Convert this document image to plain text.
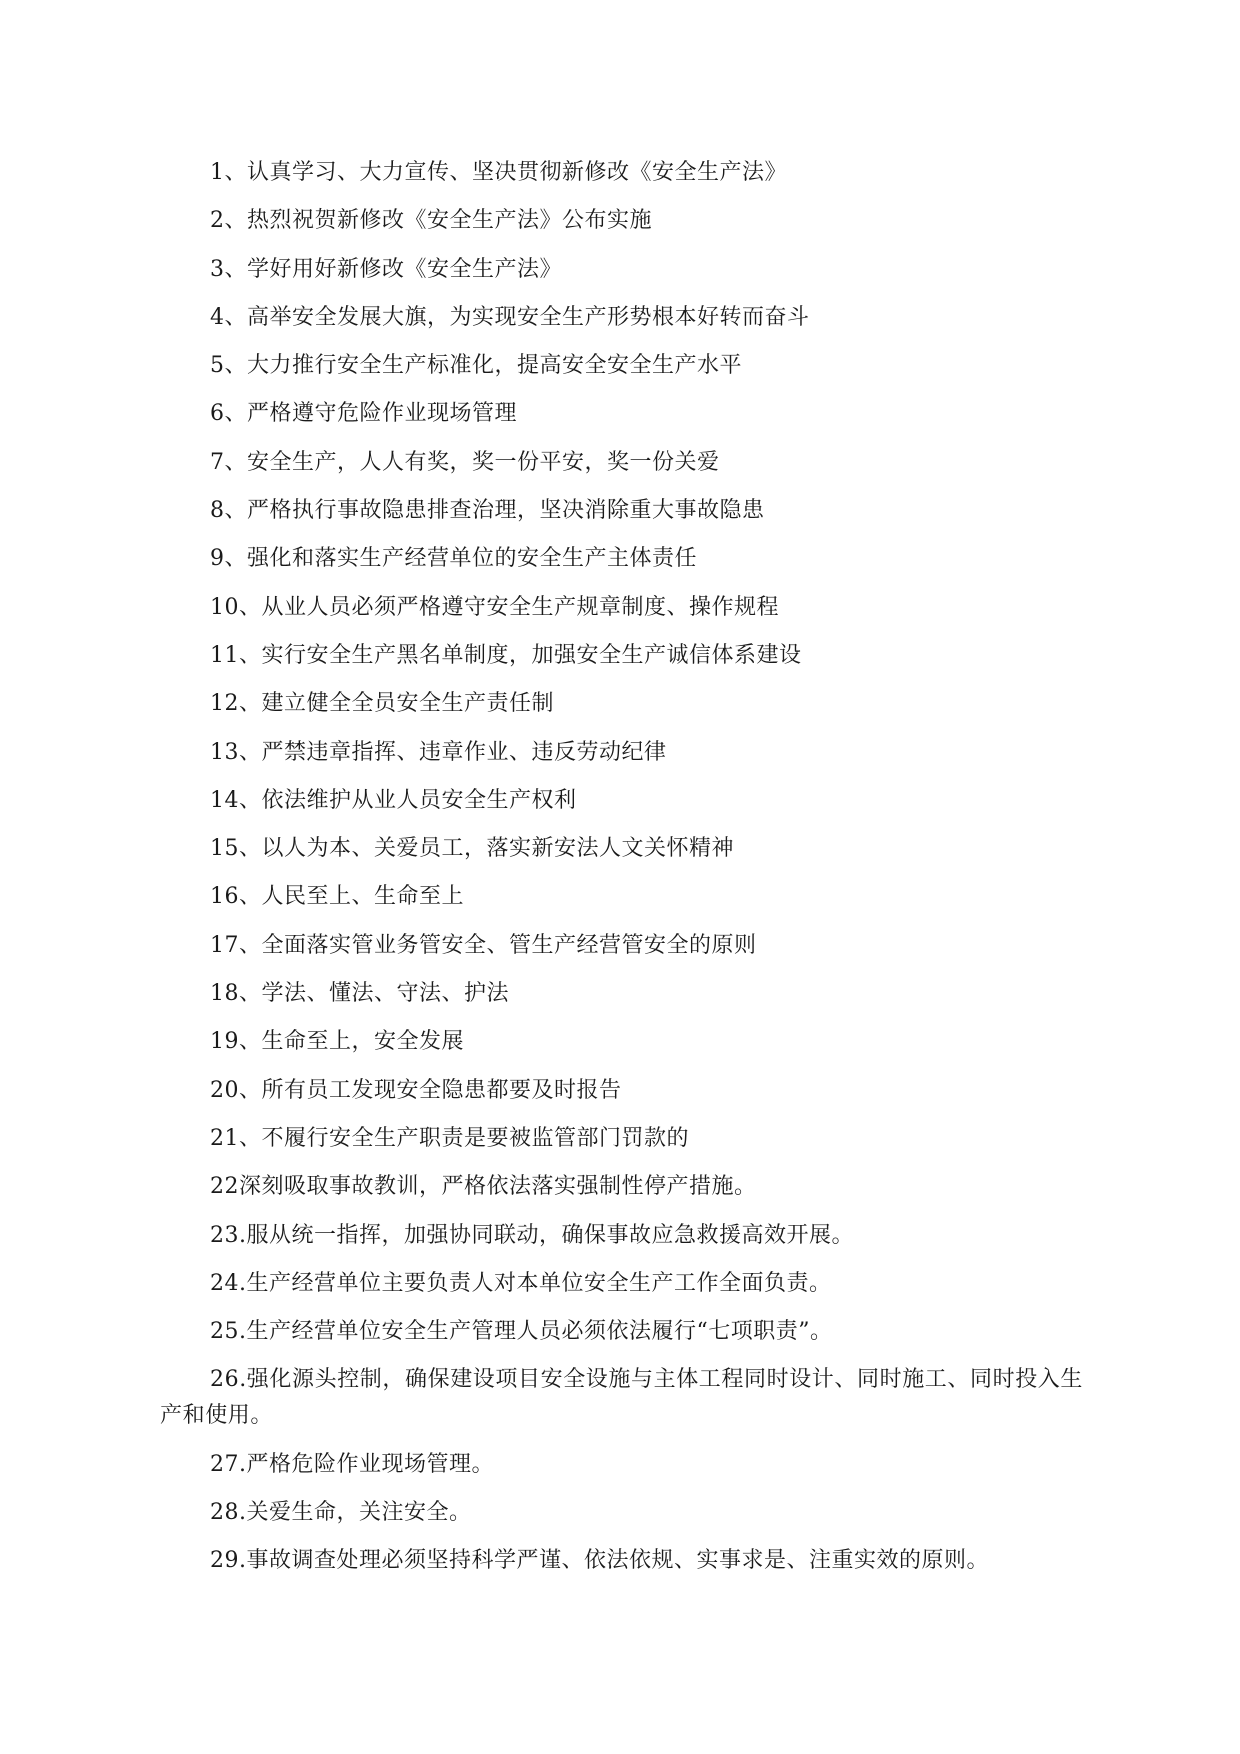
1、认真学习、大力宣传、坚决贯彻新修改《安全生产法》

2、热烈祝贺新修改《安全生产法》公布实施

3、学好用好新修改《安全生产法》

4、高举安全发展大旗，为实现安全生产形势根本好转而奋斗

5、大力推行安全生产标准化，提高安全安全生产水平

6、严格遵守危险作业现场管理

7、安全生产，人人有奖，奖一份平安，奖一份关爱

8、严格执行事故隐患排查治理，坚决消除重大事故隐患

9、强化和落实生产经营单位的安全生产主体责任

10、从业人员必须严格遵守安全生产规章制度、操作规程

11、实行安全生产黑名单制度，加强安全生产诚信体系建设

12、建立健全全员安全生产责任制

13、严禁违章指挥、违章作业、违反劳动纪律

14、依法维护从业人员安全生产权利

15、以人为本、关爱员工，落实新安法人文关怀精神

16、人民至上、生命至上

17、全面落实管业务管安全、管生产经营管安全的原则

18、学法、懂法、守法、护法

19、生命至上，安全发展

20、所有员工发现安全隐患都要及时报告

21、不履行安全生产职责是要被监管部门罚款的

22深刻吸取事故教训，严格依法落实强制性停产措施。

23.服从统一指挥，加强协同联动，确保事故应急救援高效开展。

24.生产经营单位主要负责人对本单位安全生产工作全面负责。

25.生产经营单位安全生产管理人员必须依法履行“七项职责”。

26.强化源头控制，确保建设项目安全设施与主体工程同时设计、同时施工、同时投入生产和使用。

27.严格危险作业现场管理。

28.关爱生命，关注安全。

29.事故调查处理必须坚持科学严谨、依法依规、实事求是、注重实效的原则。
